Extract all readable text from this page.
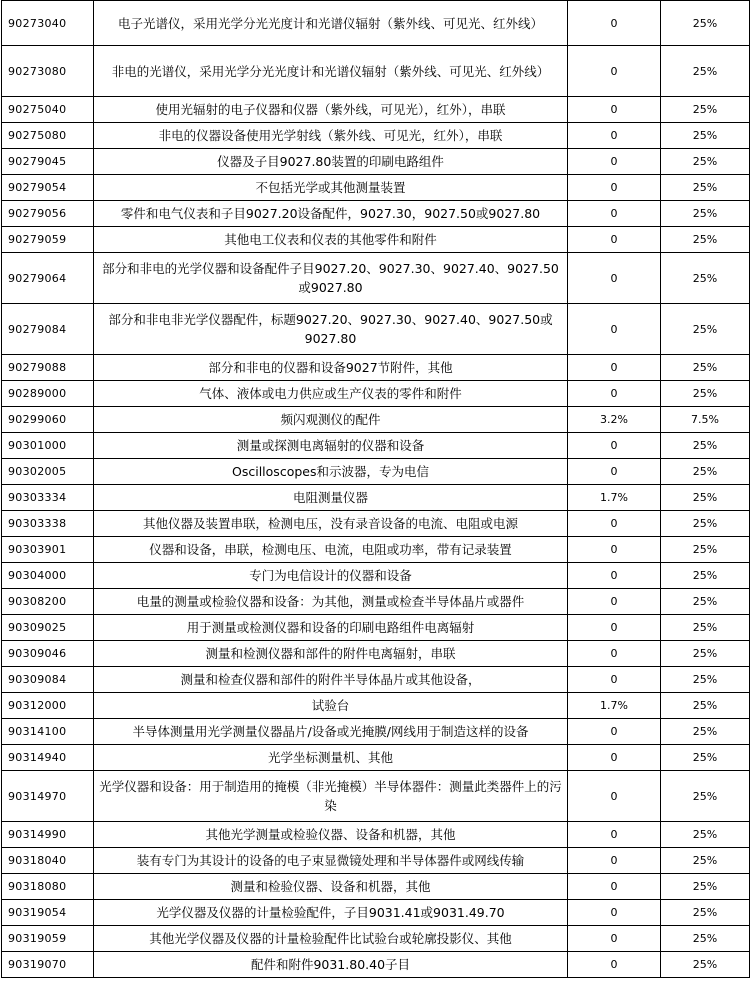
90273040	电子光谱仪，采用光学分光光度计和光谱仪辐射（紫外线、可见光、红外线）	0	25%
90273080	非电的光谱仪，采用光学分光光度计和光谱仪辐射（紫外线、可见光、红外线）	0	25%
90275040	使用光辐射的电子仪器和仪器（紫外线，可见光），红外），串联	0	25%
90275080	非电的仪器设备使用光学射线（紫外线、可见光，红外），串联	0	25%
90279045	仪器及子目9027.80装置的印刷电路组件	0	25%
90279054	不包括光学或其他测量装置	0	25%
90279056	零件和电气仪表和子目9027.20设备配件，9027.30，9027.50或9027.80	0	25%
90279059	其他电工仪表和仪表的其他零件和附件	0	25%
90279064	部分和非电的光学仪器和设备配件子目9027.20、9027.30、9027.40、9027.50或9027.80	0	25%
90279084	部分和非电非光学仪器配件，标题9027.20、9027.30、9027.40、9027.50或9027.80	0	25%
90279088	部分和非电的仪器和设备9027节附件，其他	0	25%
90289000	气体、液体或电力供应或生产仪表的零件和附件	0	25%
90299060	频闪观测仪的配件	3.2%	7.5%
90301000	测量或探测电离辐射的仪器和设备	0	25%
90302005	Oscilloscopes和示波器，专为电信	0	25%
90303334	电阻测量仪器	1.7%	25%
90303338	其他仪器及装置串联，检测电压，没有录音设备的电流、电阻或电源	0	25%
90303901	仪器和设备，串联，检测电压、电流，电阻或功率，带有记录装置	0	25%
90304000	专门为电信设计的仪器和设备	0	25%
90308200	电量的测量或检验仪器和设备：为其他，测量或检查半导体晶片或器件	0	25%
90309025	用于测量或检测仪器和设备的印刷电路组件电离辐射	0	25%
90309046	测量和检测仪器和部件的附件电离辐射，串联	0	25%
90309084	测量和检查仪器和部件的附件半导体晶片或其他设备，	0	25%
90312000	试验台	1.7%	25%
90314100	半导体测量用光学测量仪器晶片/设备或光掩膜/网线用于制造这样的设备	0	25%
90314940	光学坐标测量机、其他	0	25%
90314970	光学仪器和设备：用于制造用的掩模（非光掩模）半导体器件：测量此类器件上的污染	0	25%
90314990	其他光学测量或检验仪器、设备和机器，其他	0	25%
90318040	装有专门为其设计的设备的电子束显微镜处理和半导体器件或网线传输	0	25%
90318080	测量和检验仪器、设备和机器，其他	0	25%
90319054	光学仪器及仪器的计量检验配件，子目9031.41或9031.49.70	0	25%
90319059	其他光学仪器及仪器的计量检验配件比试验台或轮廓投影仪、其他	0	25%
90319070	配件和附件9031.80.40子目	0	25%
